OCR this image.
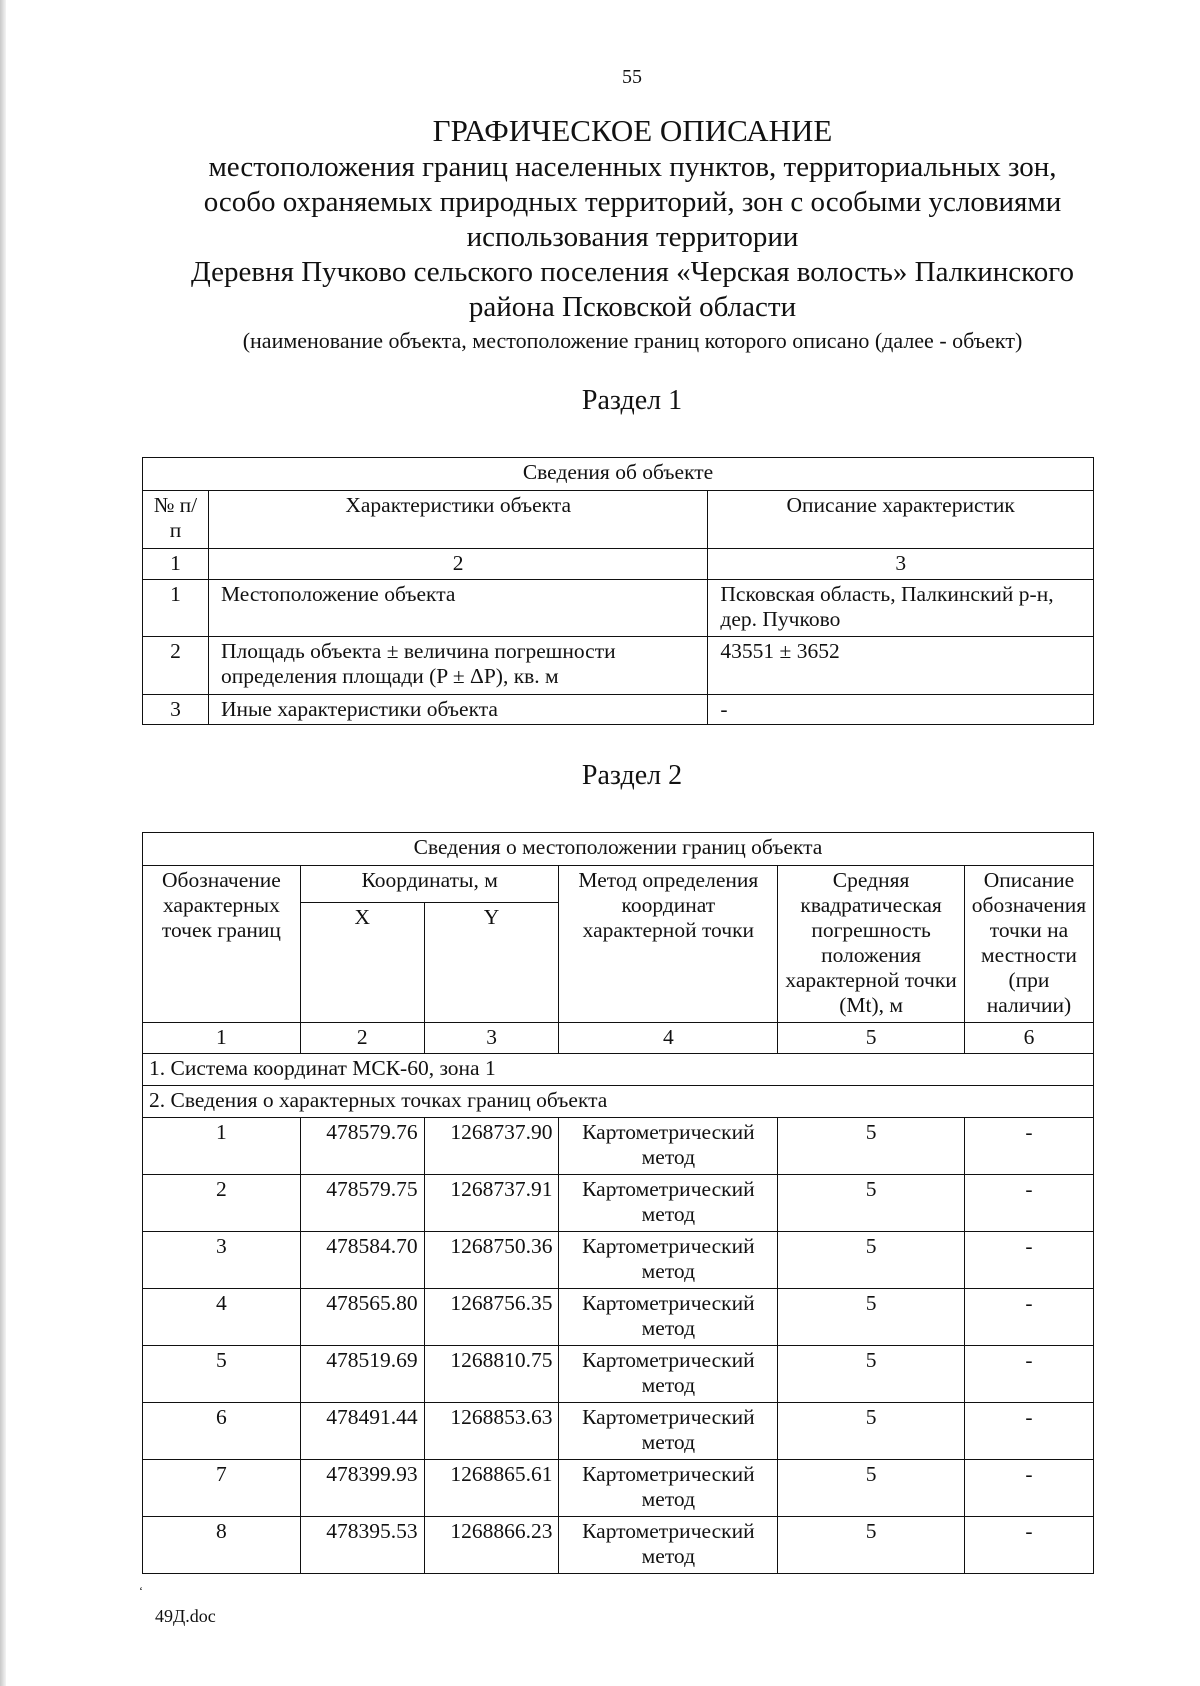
55
ГРАФИЧЕСКОЕ ОПИСАНИЕ
местоположения границ населенных пунктов, территориальных зон,
особо охраняемых природных территорий, зон с особыми условиями
использования территории
Деревня Пучково сельского поселения «Черская волость» Палкинского
района Псковской области
(наименование объекта, местоположение границ которого описано (далее - объект)
Раздел 1
Сведения об объекте		
№ п/п	Характеристики объекта	Описание характеристик
1	2	3
1	Местоположение объекта	Псковская область, Палкинский р-н, дер. Пучково
2	Площадь объекта ± величина погрешности определения площади (P ± ΔP), кв. м	43551 ± 3652
3	Иные характеристики объекта	-
Раздел 2
Сведения о местоположении границ объекта					
Обозначение характерных точек границ	Координаты, м		Метод определения координат характерной точки	Средняя квадратическая погрешность положения характерной точки (Mt), м	Описание обозначения точки на местности (при наличии)
	X	Y			
1	2	3	4	5	6
1. Система координат МСК-60, зона 1					
2. Сведения о характерных точках границ объекта					
1	478579.76	1268737.90	Картометрический метод	5	-
2	478579.75	1268737.91	Картометрический метод	5	-
3	478584.70	1268750.36	Картометрический метод	5	-
4	478565.80	1268756.35	Картометрический метод	5	-
5	478519.69	1268810.75	Картометрический метод	5	-
6	478491.44	1268853.63	Картометрический метод	5	-
7	478399.93	1268865.61	Картометрический метод	5	-
8	478395.53	1268866.23	Картометрический метод	5	-
‘
49Д.doc
